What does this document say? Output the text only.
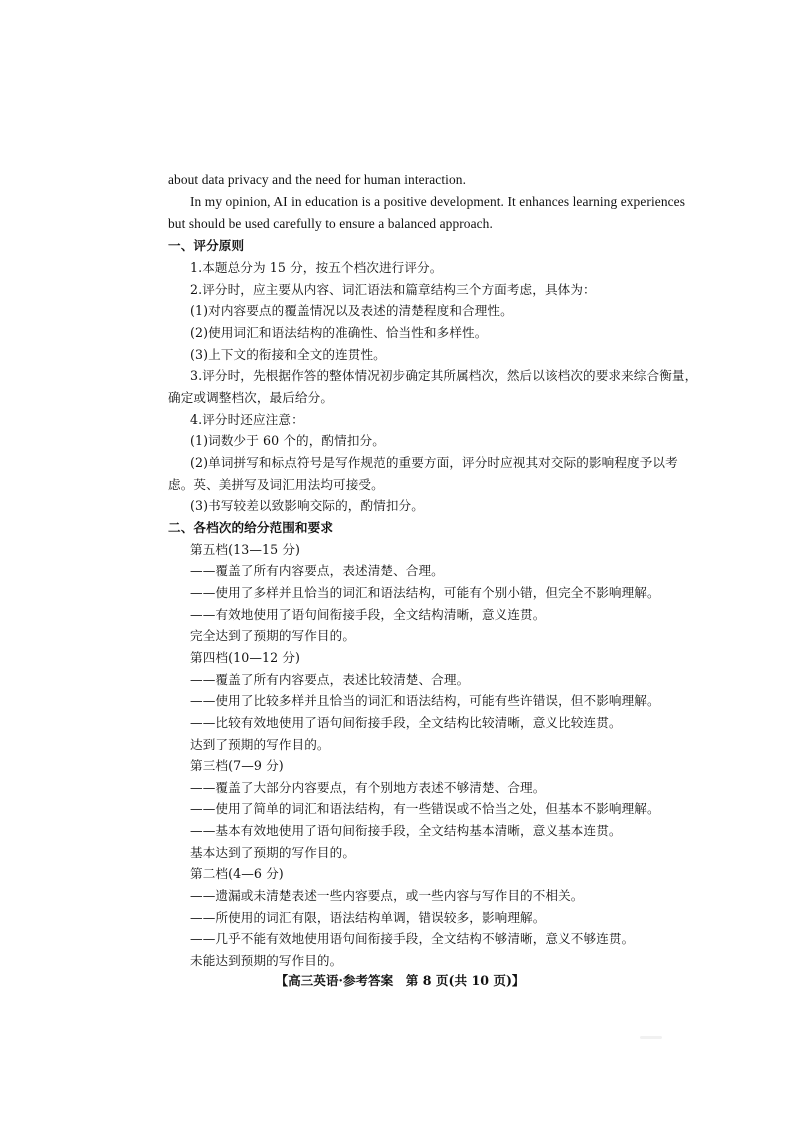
about data privacy and the need for human interaction.
In my opinion, AI in education is a positive development. It enhances learning experiences
but should be used carefully to ensure a balanced approach.
一、评分原则
1.本题总分为 15 分，按五个档次进行评分。
2.评分时，应主要从内容、词汇语法和篇章结构三个方面考虑，具体为：
(1)对内容要点的覆盖情况以及表述的清楚程度和合理性。
(2)使用词汇和语法结构的准确性、恰当性和多样性。
(3)上下文的衔接和全文的连贯性。
3.评分时，先根据作答的整体情况初步确定其所属档次，然后以该档次的要求来综合衡量，
确定或调整档次，最后给分。
4.评分时还应注意：
(1)词数少于 60 个的，酌情扣分。
(2)单词拼写和标点符号是写作规范的重要方面，评分时应视其对交际的影响程度予以考
虑。英、美拼写及词汇用法均可接受。
(3)书写较差以致影响交际的，酌情扣分。
二、各档次的给分范围和要求
第五档(13—15 分)
——覆盖了所有内容要点，表述清楚、合理。
——使用了多样并且恰当的词汇和语法结构，可能有个别小错，但完全不影响理解。
——有效地使用了语句间衔接手段，全文结构清晰，意义连贯。
完全达到了预期的写作目的。
第四档(10—12 分)
——覆盖了所有内容要点，表述比较清楚、合理。
——使用了比较多样并且恰当的词汇和语法结构，可能有些许错误，但不影响理解。
——比较有效地使用了语句间衔接手段，全文结构比较清晰，意义比较连贯。
达到了预期的写作目的。
第三档(7—9 分)
——覆盖了大部分内容要点，有个别地方表述不够清楚、合理。
——使用了简单的词汇和语法结构，有一些错误或不恰当之处，但基本不影响理解。
——基本有效地使用了语句间衔接手段，全文结构基本清晰，意义基本连贯。
基本达到了预期的写作目的。
第二档(4—6 分)
——遗漏或未清楚表述一些内容要点，或一些内容与写作目的不相关。
——所使用的词汇有限，语法结构单调，错误较多，影响理解。
——几乎不能有效地使用语句间衔接手段，全文结构不够清晰，意义不够连贯。
未能达到预期的写作目的。
【高三英语·参考答案　第 8 页(共 10 页)】
